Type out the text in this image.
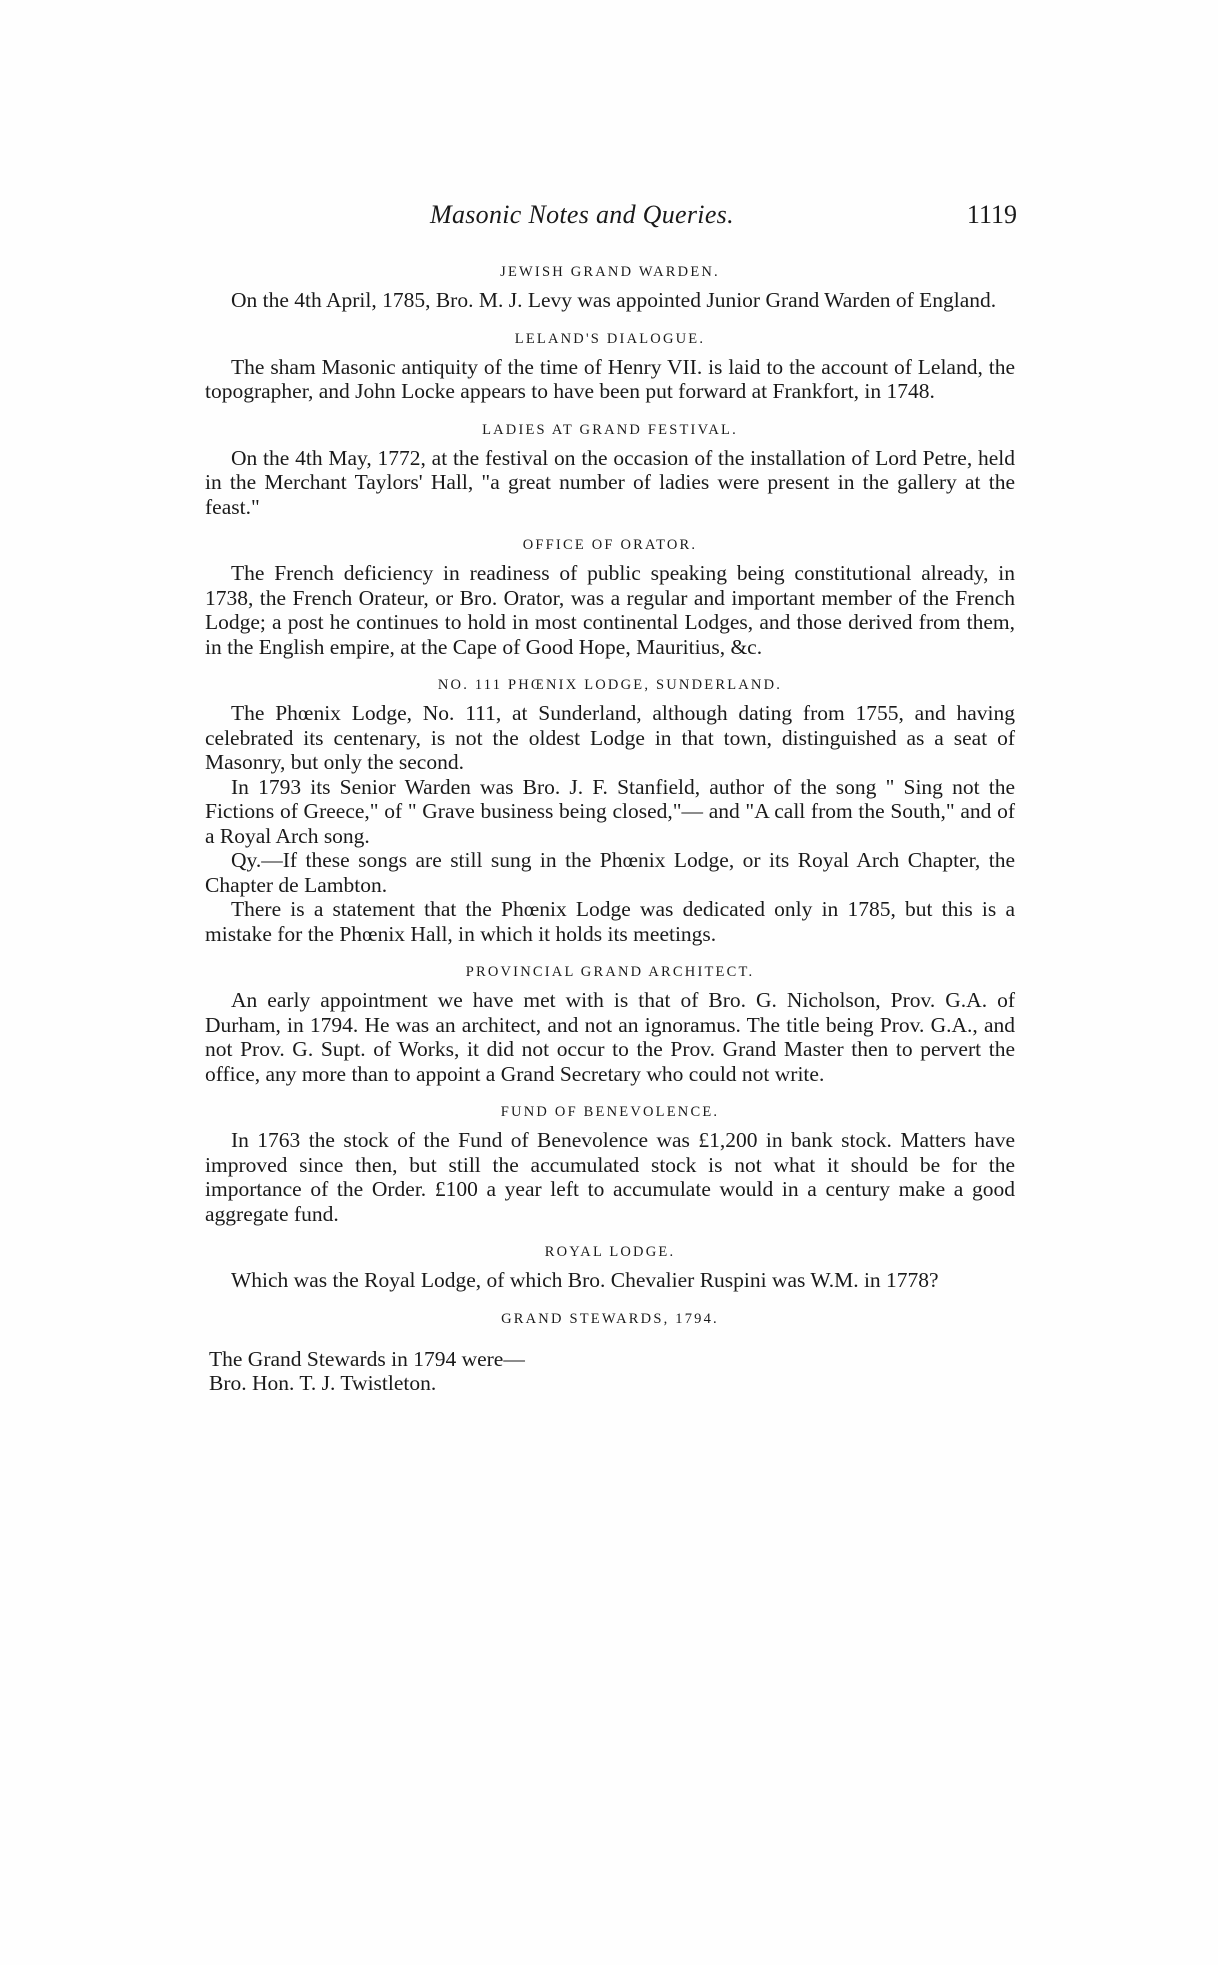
Masonic Notes and Queries.	1119
JEWISH GRAND WARDEN.

On the 4th April, 1785, Bro. M. J. Levy was appointed Junior Grand Warden of England.

LELAND'S DIALOGUE.

The sham Masonic antiquity of the time of Henry VII. is laid to the account of Leland, the topographer, and John Locke appears to have been put forward at Frankfort, in 1748.

LADIES AT GRAND FESTIVAL.

On the 4th May, 1772, at the festival on the occasion of the installation of Lord Petre, held in the Merchant Taylors' Hall, "a great number of ladies were present in the gallery at the feast."

OFFICE OF ORATOR.

The French deficiency in readiness of public speaking being constitutional already, in 1738, the French Orateur, or Bro. Orator, was a regular and important member of the French Lodge; a post he continues to hold in most continental Lodges, and those derived from them, in the English empire, at the Cape of Good Hope, Mauritius, &c.

NO. 111 PHŒNIX LODGE, SUNDERLAND.

The Phœnix Lodge, No. 111, at Sunderland, although dating from 1755, and having celebrated its centenary, is not the oldest Lodge in that town, distinguished as a seat of Masonry, but only the second.

In 1793 its Senior Warden was Bro. J. F. Stanfield, author of the song " Sing not the Fictions of Greece," of " Grave business being closed,"— and "A call from the South," and of a Royal Arch song.

Qy.—If these songs are still sung in the Phœnix Lodge, or its Royal Arch Chapter, the Chapter de Lambton.

There is a statement that the Phœnix Lodge was dedicated only in 1785, but this is a mistake for the Phœnix Hall, in which it holds its meetings.

PROVINCIAL GRAND ARCHITECT.

An early appointment we have met with is that of Bro. G. Nicholson, Prov. G.A. of Durham, in 1794. He was an architect, and not an ignoramus. The title being Prov. G.A., and not Prov. G. Supt. of Works, it did not occur to the Prov. Grand Master then to pervert the office, any more than to appoint a Grand Secretary who could not write.

FUND OF BENEVOLENCE.

In 1763 the stock of the Fund of Benevolence was £1,200 in bank stock. Matters have improved since then, but still the accumulated stock is not what it should be for the importance of the Order. £100 a year left to accumulate would in a century make a good aggregate fund.

ROYAL LODGE.

Which was the Royal Lodge, of which Bro. Chevalier Ruspini was W.M. in 1778?

GRAND STEWARDS, 1794.

The Grand Stewards in 1794 were—

Bro. Hon. T. J. Twistleton.
